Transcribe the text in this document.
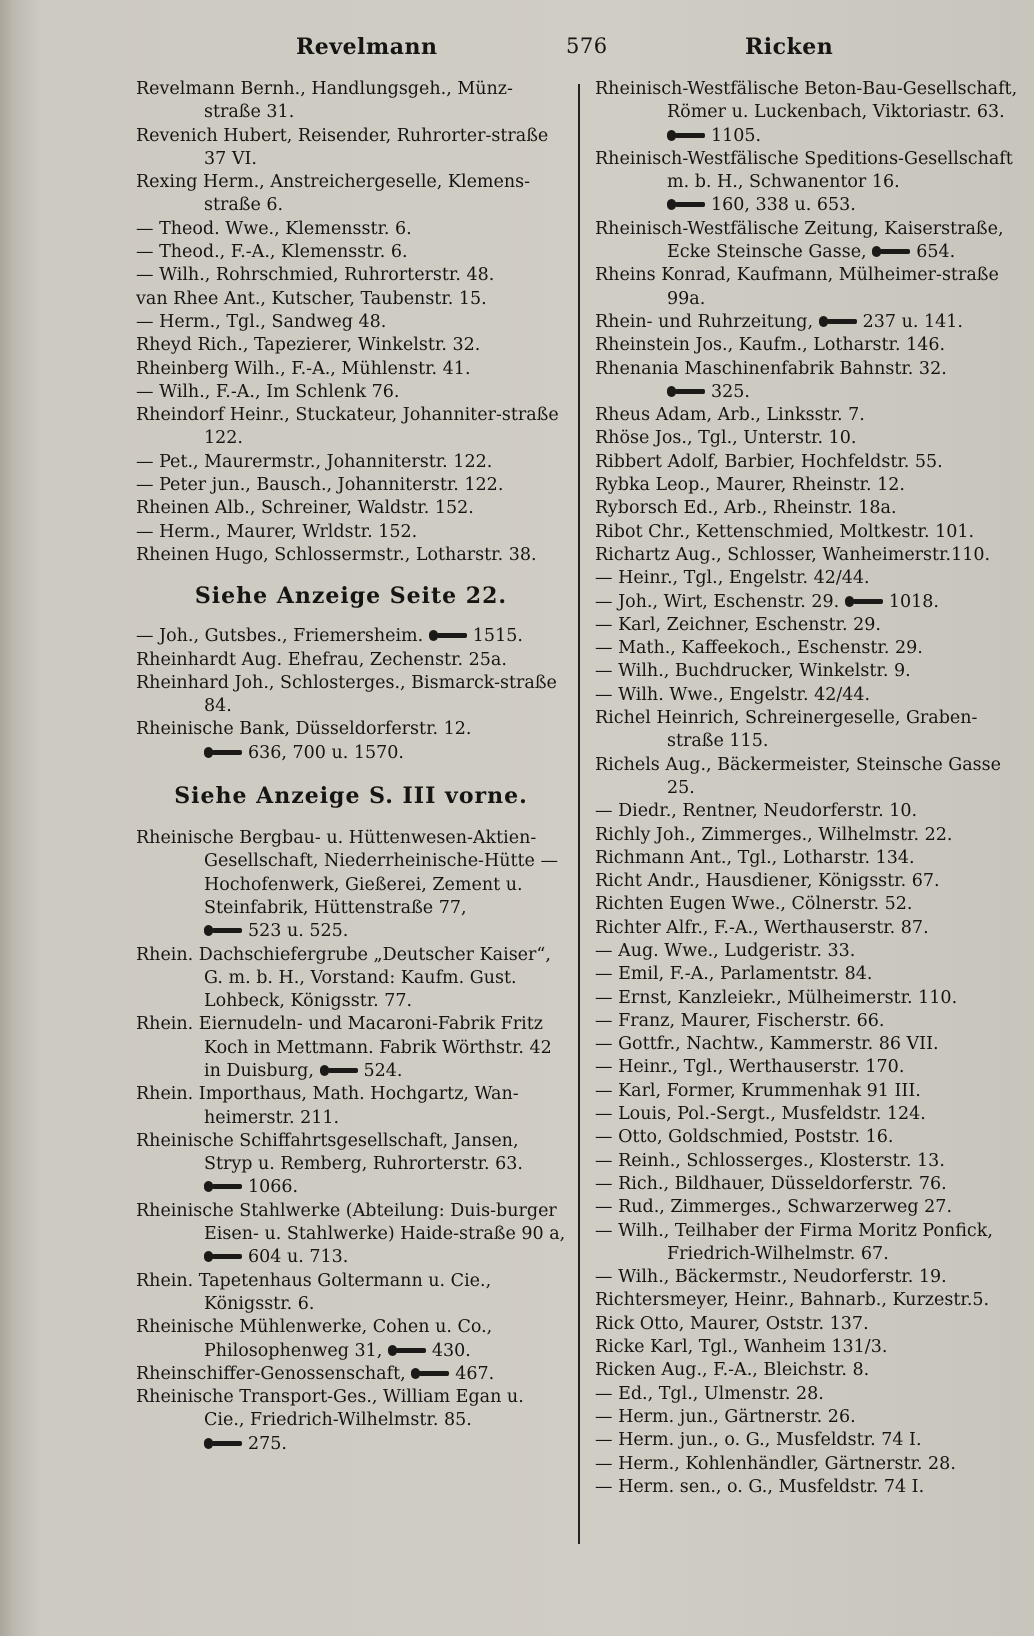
Revelmann	576	Ricken
Revelmann Bernh., Handlungsgeh., Münz-straße 31.
Revenich Hubert, Reisender, Ruhrorter-straße 37 VI.
Rexing Herm., Anstreichergeselle, Klemens-straße 6.
— Theod. Wwe., Klemensstr. 6.
— Theod., F.-A., Klemensstr. 6.
— Wilh., Rohrschmied, Ruhrorterstr. 48.
van Rhee Ant., Kutscher, Taubenstr. 15.
— Herm., Tgl., Sandweg 48.
Rheyd Rich., Tapezierer, Winkelstr. 32.
Rheinberg Wilh., F.-A., Mühlenstr. 41.
— Wilh., F.-A., Im Schlenk 76.
Rheindorf Heinr., Stuckateur, Johanniter-straße 122.
— Pet., Maurermstr., Johanniterstr. 122.
— Peter jun., Bausch., Johanniterstr. 122.
Rheinen Alb., Schreiner, Waldstr. 152.
— Herm., Maurer, Wrldstr. 152.
Rheinen Hugo, Schlossermstr., Lotharstr. 38.
Siehe Anzeige Seite 22.
— Joh., Gutsbes., Friemersheim.	1515.
Rheinhardt Aug. Ehefrau, Zechenstr. 25a.
Rheinhard Joh., Schlosterges., Bismarck-straße 84.
Rheinische Bank, Düsseldorferstr. 12.
636, 700 u. 1570.
Siehe Anzeige S. III vorne.
Rheinische Bergbau- u. Hüttenwesen-Aktien-Gesellschaft, Niederrheinische-Hütte — Hochofenwerk, Gießerei, Zement u. Steinfabrik, Hüttenstraße 77,
523 u. 525.
Rhein. Dachschiefergrube „Deutscher Kaiser“, G. m. b. H., Vorstand: Kaufm. Gust. Lohbeck, Königsstr. 77.
Rhein. Eiernudeln- und Macaroni-Fabrik Fritz Koch in Mettmann. Fabrik Wörthstr. 42 in Duisburg,	524.
Rhein. Importhaus, Math. Hochgartz, Wan-heimerstr. 211.
Rheinische Schiffahrtsgesellschaft, Jansen, Stryp u. Remberg, Ruhrorterstr. 63.
1066.
Rheinische Stahlwerke (Abteilung: Duis-burger Eisen- u. Stahlwerke) Haide-straße 90 a, 604 u. 713.
Rhein. Tapetenhaus Goltermann u. Cie., Königsstr. 6.
Rheinische Mühlenwerke, Cohen u. Co., Philosophenweg 31,	430.
Rheinschiffer-Genossenschaft,	467.
Rheinische Transport-Ges., William Egan u. Cie., Friedrich-Wilhelmstr. 85.
275.
Rheinisch-Westfälische Beton-Bau-Gesellschaft, Römer u. Luckenbach, Viktoriastr. 63.
1105.
Rheinisch-Westfälische Speditions-Gesellschaft m. b. H., Schwanentor 16.
160, 338 u. 653.
Rheinisch-Westfälische Zeitung, Kaiserstraße, Ecke Steinsche Gasse,	654.
Rheins Konrad, Kaufmann, Mülheimer-straße 99a.
Rhein- und Ruhrzeitung,	237 u. 141.
Rheinstein Jos., Kaufm., Lotharstr. 146.
Rhenania Maschinenfabrik Bahnstr. 32.
325.
Rheus Adam, Arb., Linksstr. 7.
Rhöse Jos., Tgl., Unterstr. 10.
Ribbert Adolf, Barbier, Hochfeldstr. 55.
Rybka Leop., Maurer, Rheinstr. 12.
Ryborsch Ed., Arb., Rheinstr. 18a.
Ribot Chr., Kettenschmied, Moltkestr. 101.
Richartz Aug., Schlosser, Wanheimerstr.110.
— Heinr., Tgl., Engelstr. 42/44.
— Joh., Wirt, Eschenstr. 29.	1018.
— Karl, Zeichner, Eschenstr. 29.
— Math., Kaffeekoch., Eschenstr. 29.
— Wilh., Buchdrucker, Winkelstr. 9.
— Wilh. Wwe., Engelstr. 42/44.
Richel Heinrich, Schreinergeselle, Graben-straße 115.
Richels Aug., Bäckermeister, Steinsche Gasse 25.
— Diedr., Rentner, Neudorferstr. 10.
Richly Joh., Zimmerges., Wilhelmstr. 22.
Richmann Ant., Tgl., Lotharstr. 134.
Richt Andr., Hausdiener, Königsstr. 67.
Richten Eugen Wwe., Cölnerstr. 52.
Richter Alfr., F.-A., Werthauserstr. 87.
— Aug. Wwe., Ludgeristr. 33.
— Emil, F.-A., Parlamentstr. 84.
— Ernst, Kanzleiekr., Mülheimerstr. 110.
— Franz, Maurer, Fischerstr. 66.
— Gottfr., Nachtw., Kammerstr. 86 VII.
— Heinr., Tgl., Werthauserstr. 170.
— Karl, Former, Krummenhak 91 III.
— Louis, Pol.-Sergt., Musfeldstr. 124.
— Otto, Goldschmied, Poststr. 16.
— Reinh., Schlosserges., Klosterstr. 13.
— Rich., Bildhauer, Düsseldorferstr. 76.
— Rud., Zimmerges., Schwarzerweg 27.
— Wilh., Teilhaber der Firma Moritz Ponfick, Friedrich-Wilhelmstr. 67.
— Wilh., Bäckermstr., Neudorferstr. 19.
Richtersmeyer, Heinr., Bahnarb., Kurzestr.5.
Rick Otto, Maurer, Oststr. 137.
Ricke Karl, Tgl., Wanheim 131/3.
Ricken Aug., F.-A., Bleichstr. 8.
— Ed., Tgl., Ulmenstr. 28.
— Herm. jun., Gärtnerstr. 26.
— Herm. jun., o. G., Musfeldstr. 74 I.
— Herm., Kohlenhändler, Gärtnerstr. 28.
— Herm. sen., o. G., Musfeldstr. 74 I.
